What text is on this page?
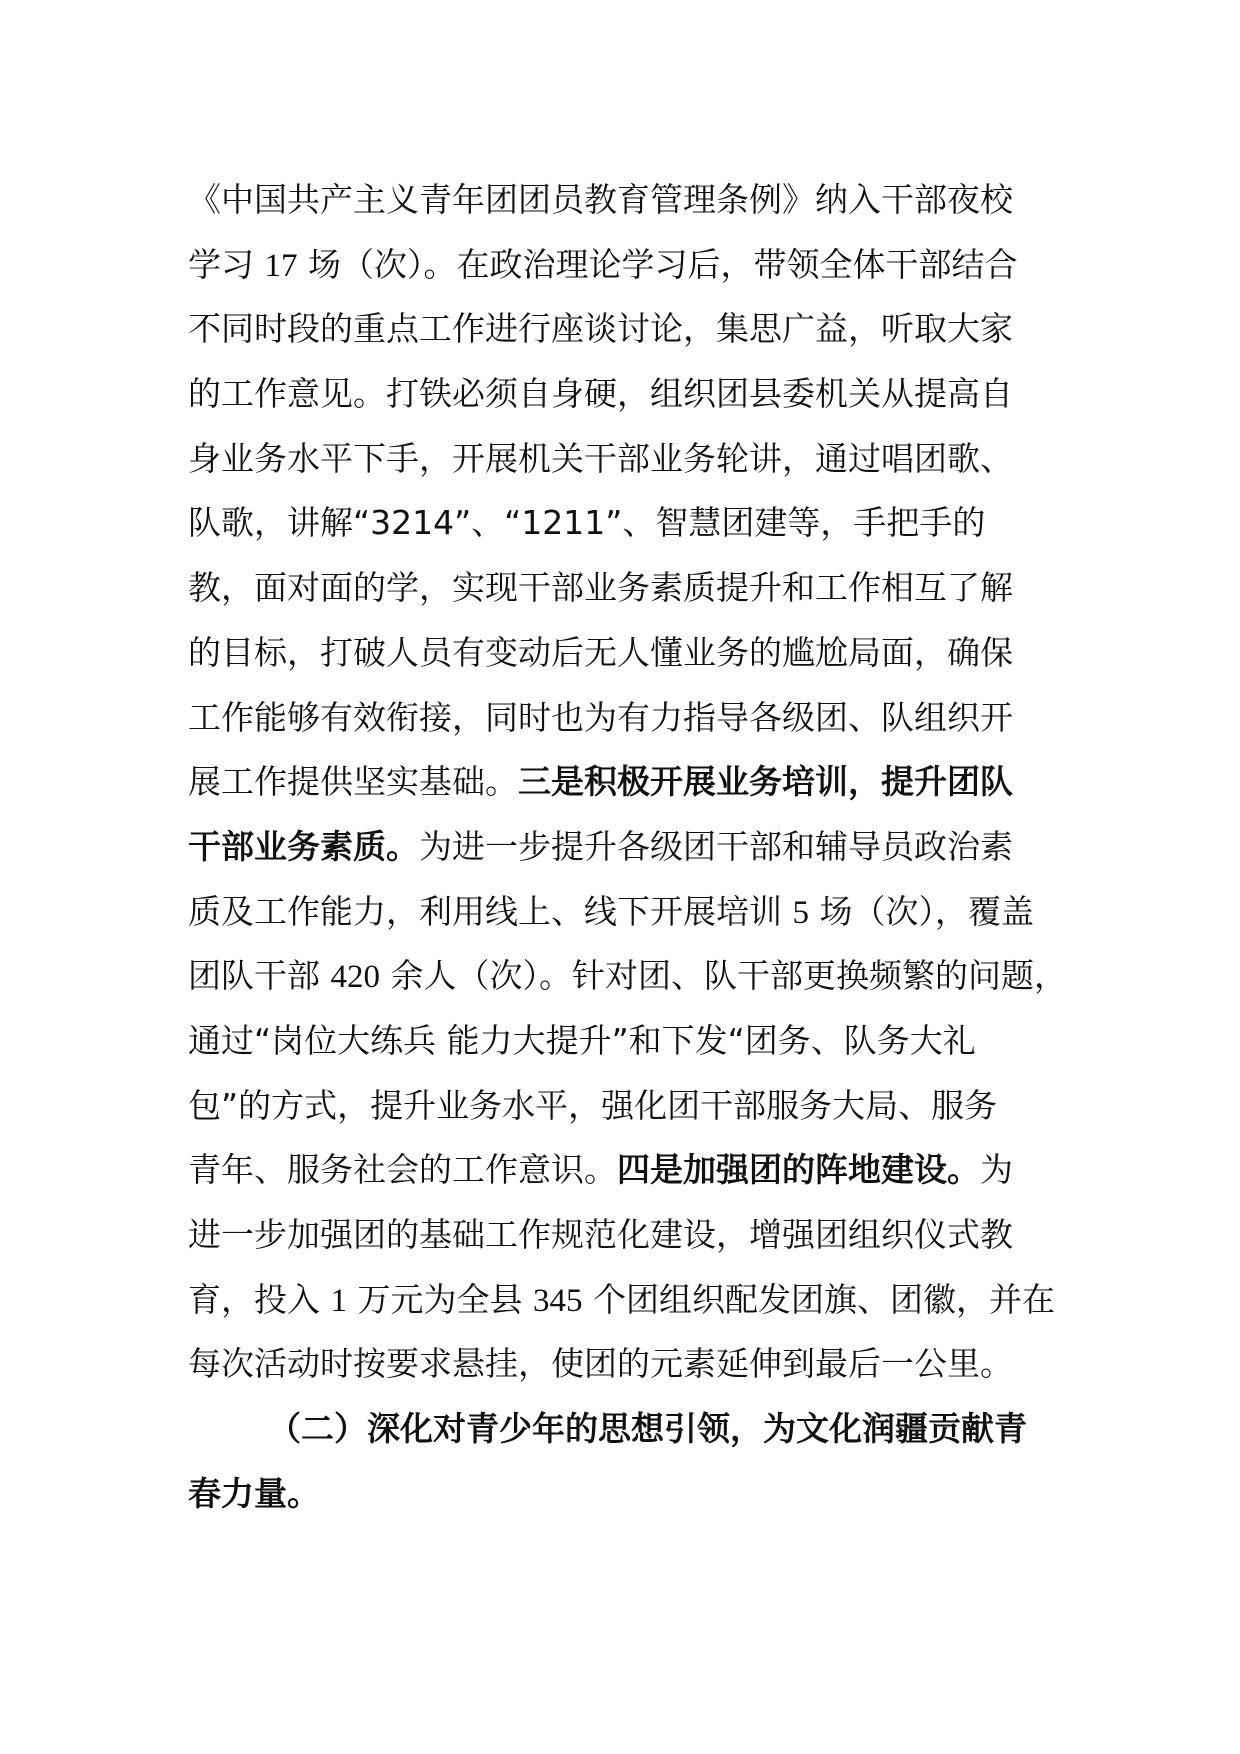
《中国共产主义青年团团员教育管理条例》纳入干部夜校
学习 17 场（次）。在政治理论学习后，带领全体干部结合
不同时段的重点工作进行座谈讨论，集思广益，听取大家
的工作意见。打铁必须自身硬，组织团县委机关从提高自
身业务水平下手，开展机关干部业务轮讲，通过唱团歌、
队歌，讲解“3214”、“1211”、智慧团建等，手把手的
教，面对面的学，实现干部业务素质提升和工作相互了解
的目标，打破人员有变动后无人懂业务的尴尬局面，确保
工作能够有效衔接，同时也为有力指导各级团、队组织开
展工作提供坚实基础。三是积极开展业务培训，提升团队
干部业务素质。为进一步提升各级团干部和辅导员政治素
质及工作能力，利用线上、线下开展培训 5 场（次），覆盖
团队干部 420 余人（次）。针对团、队干部更换频繁的问题，
通过“岗位大练兵 能力大提升”和下发“团务、队务大礼
包”的方式，提升业务水平，强化团干部服务大局、服务
青年、服务社会的工作意识。四是加强团的阵地建设。为
进一步加强团的基础工作规范化建设，增强团组织仪式教
育，投入 1 万元为全县 345 个团组织配发团旗、团徽，并在
每次活动时按要求悬挂，使团的元素延伸到最后一公里。
（二）深化对青少年的思想引领，为文化润疆贡献青
春力量。
